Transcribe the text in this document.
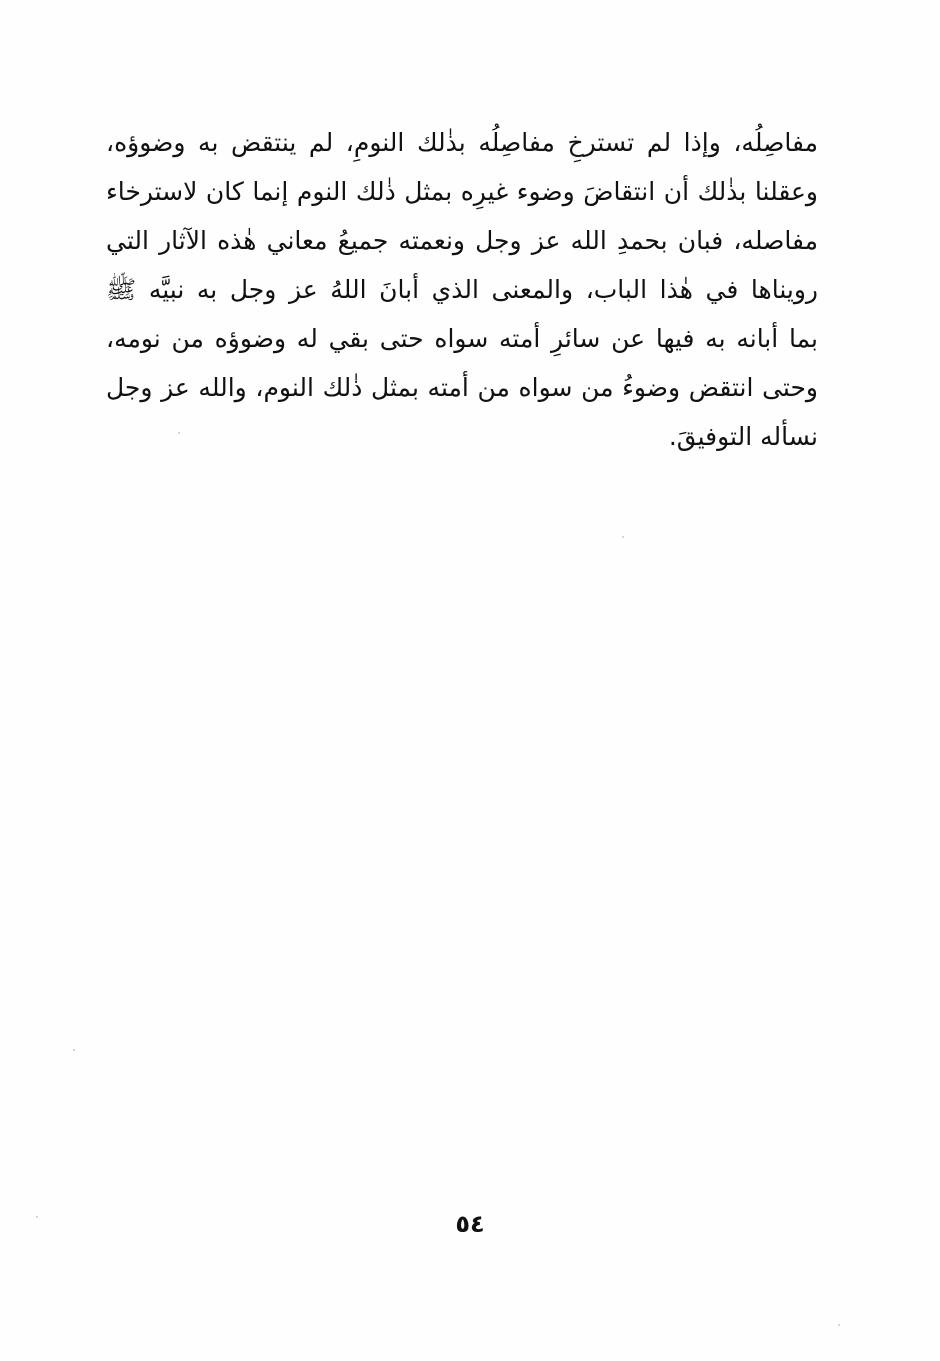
مفاصِلُه، وإذا لم تسترخِ مفاصِلُه بذٰلك النومِ، لم ينتقض به وضوؤه،
وعقلنا بذٰلك أن انتقاضَ وضوء غيرِه بمثل ذٰلك النوم إنما كان لاسترخاء
مفاصله، فبان بحمدِ الله عز وجل ونعمته جميعُ معاني هٰذه الآثار التي
رويناها في هٰذا الباب، والمعنى الذي أبانَ اللهُ عز وجل به نبيَّه ﷺ
بما أبانه به فيها عن سائرِ أمته سواه حتى بقي له وضوؤه من نومه،
وحتى انتقض وضوءُ من سواه من أمته بمثل ذٰلك النوم، والله عز وجل
نسأله التوفيقَ.
٥٤
